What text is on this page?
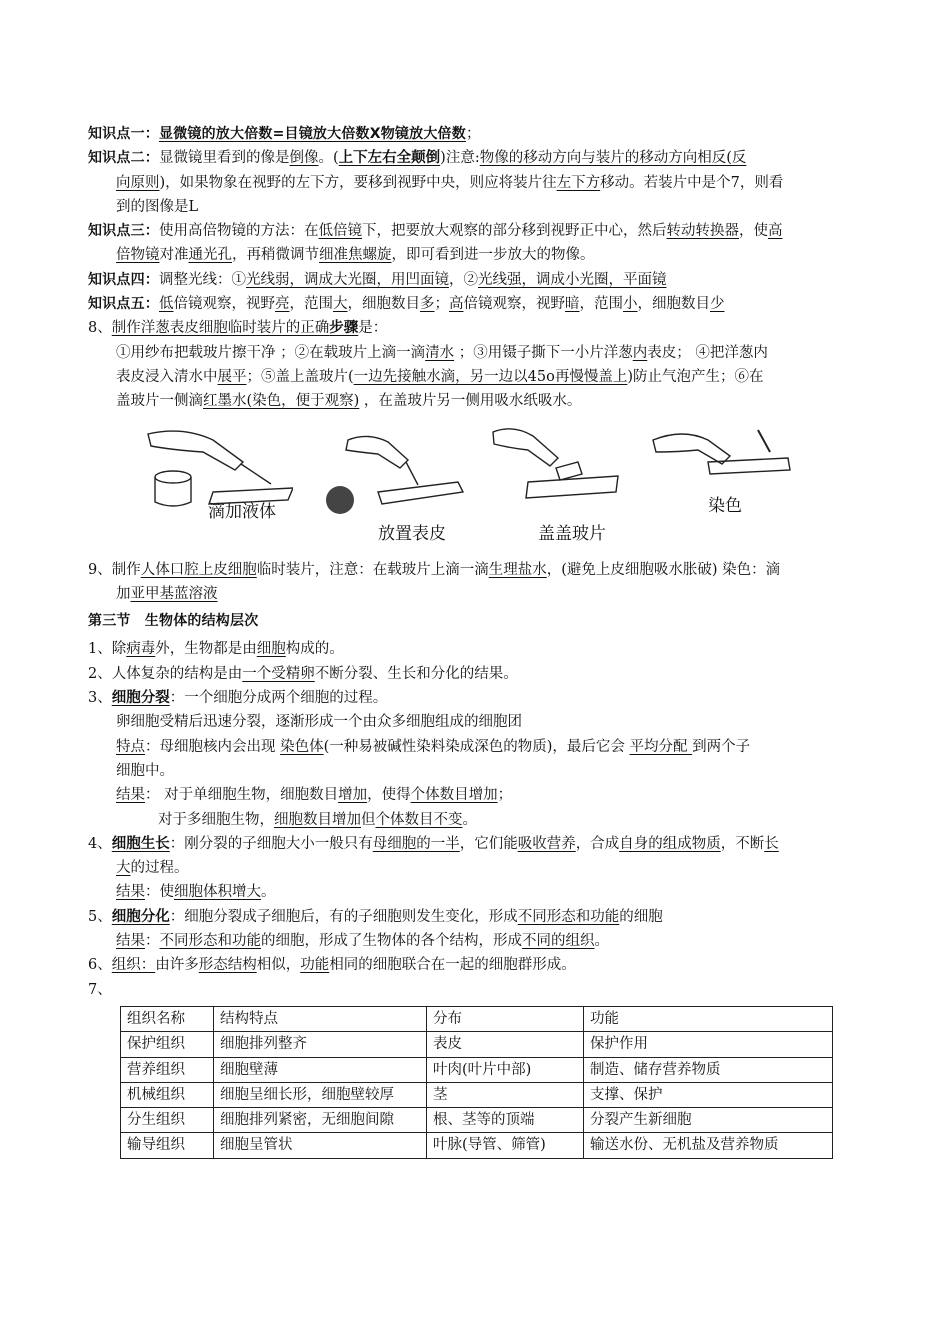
知识点一：显微镜的放大倍数=目镜放大倍数X物镜放大倍数；
知识点二：显微镜里看到的像是倒像。(上下左右全颠倒)注意:物像的移动方向与装片的移动方向相反(反
向原则)，如果物象在视野的左下方，要移到视野中央，则应将装片往左下方移动。若装片中是个7，则看
到的图像是L
知识点三：使用高倍物镜的方法：在低倍镜下，把要放大观察的部分移到视野正中心，然后转动转换器，使高
倍物镜对准通光孔，再稍微调节细准焦螺旋，即可看到进一步放大的物像。
知识点四：调整光线：①光线弱，调成大光圈，用凹面镜，②光线强，调成小光圈，平面镜
知识点五：低倍镜观察，视野亮，范围大，细胞数目多；高倍镜观察，视野暗，范围小，细胞数目少
8、制作洋葱表皮细胞临时装片的正确步骤是：
①用纱布把载玻片擦干净 ；②在载玻片上滴一滴清水 ；③用镊子撕下一小片洋葱内表皮； ④把洋葱内
表皮浸入清水中展平；⑤盖上盖玻片(一边先接触水滴，另一边以45o再慢慢盖上)防止气泡产生；⑥在
盖玻片一侧滴红墨水(染色，便于观察) ，在盖玻片另一侧用吸水纸吸水。
滴加液体
放置表皮	盖盖玻片
染色
9、制作人体口腔上皮细胞临时装片，注意：在载玻片上滴一滴生理盐水，(避免上皮细胞吸水胀破) 染色：滴
加亚甲基蓝溶液
第三节　生物体的结构层次
1、除病毒外，生物都是由细胞构成的。
2、人体复杂的结构是由一个受精卵不断分裂、生长和分化的结果。
3、细胞分裂：一个细胞分成两个细胞的过程。
卵细胞受精后迅速分裂，逐渐形成一个由众多细胞组成的细胞团
特点：母细胞核内会出现 染色体(一种易被碱性染料染成深色的物质)，最后它会 平均分配 到两个子
细胞中。
结果： 对于单细胞生物，细胞数目增加，使得个体数目增加；
对于多细胞生物，细胞数目增加但个体数目不变。
4、细胞生长：刚分裂的子细胞大小一般只有母细胞的一半，它们能吸收营养，合成自身的组成物质，不断长
大的过程。
结果：使细胞体积增大。
5、细胞分化：细胞分裂成子细胞后，有的子细胞则发生变化，形成不同形态和功能的细胞
结果：不同形态和功能的细胞，形成了生物体的各个结构，形成不同的组织。
6、组织：由许多形态结构相似，功能相同的细胞联合在一起的细胞群形成。
7、
组织名称	结构特点	分布	功能
保护组织	细胞排列整齐	表皮	保护作用
营养组织	细胞壁薄	叶肉(叶片中部)	制造、储存营养物质
机械组织	细胞呈细长形，细胞壁较厚	茎	支撑、保护
分生组织	细胞排列紧密，无细胞间隙	根、茎等的顶端	分裂产生新细胞
输导组织	细胞呈管状	叶脉(导管、筛管)	输送水份、无机盐及营养物质
